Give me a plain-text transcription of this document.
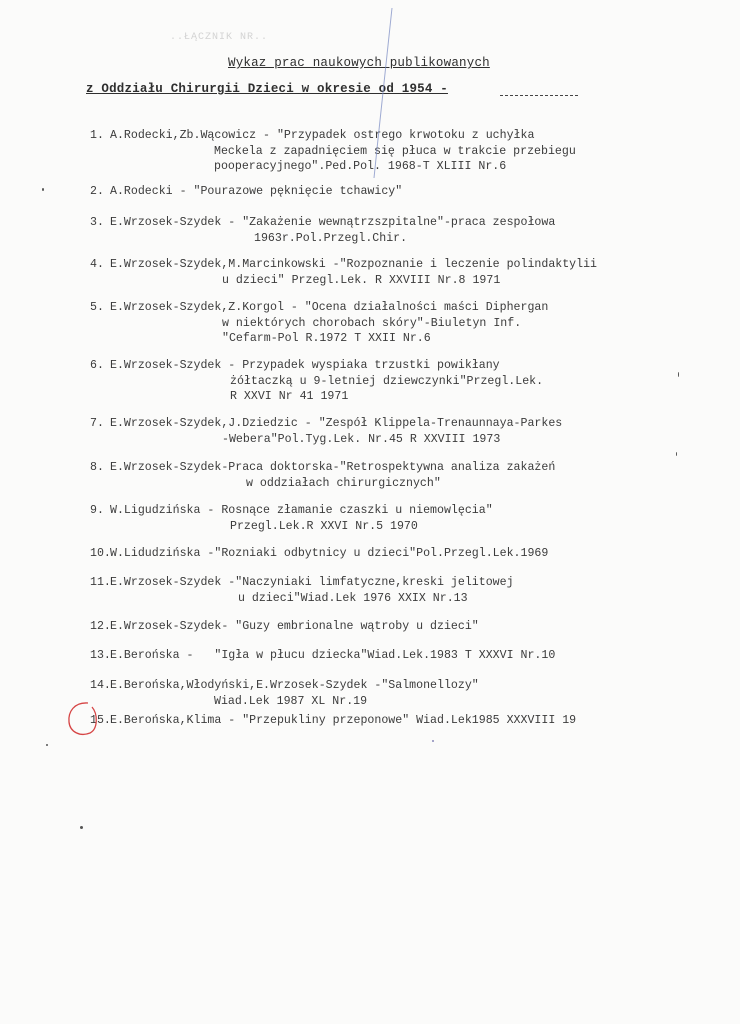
..ŁĄCZNIK NR..
Wykaz prac naukowych publikowanych
z Oddziału Chirurgii Dzieci w okresie od 1954 -
1. A.Rodecki,Zb.Wącowicz - "Przypadek ostrego krwotoku z uchyłka
Meckela z zapadnięciem się płuca w trakcie przebiegu
pooperacyjnego".Ped.Pol. 1968-T XLIII Nr.6
2. A.Rodecki - "Pourazowe pęknięcie tchawicy"
3. E.Wrzosek-Szydek - "Zakażenie wewnątrzszpitalne"-praca zespołowa
1963r.Pol.Przegl.Chir.
4. E.Wrzosek-Szydek,M.Marcinkowski -"Rozpoznanie i leczenie polindaktylii
u dzieci" Przegl.Lek. R XXVIII Nr.8 1971
5. E.Wrzosek-Szydek,Z.Korgol - "Ocena działalności maści Diphergan
w niektórych chorobach skóry"-Biuletyn Inf.
"Cefarm-Pol R.1972 T XXII Nr.6
6. E.Wrzosek-Szydek - Przypadek wyspiaka trzustki powikłany
żółtaczką u 9-letniej dziewczynki"Przegl.Lek.
R XXVI Nr 41 1971
7. E.Wrzosek-Szydek,J.Dziedzic - "Zespół Klippela-Trenaunnaya-Parkes
-Webera"Pol.Tyg.Lek. Nr.45 R XXVIII 1973
8. E.Wrzosek-Szydek-Praca doktorska-"Retrospektywna analiza zakażeń
w oddziałach chirurgicznych"
9. W.Ligudzińska - Rosnące złamanie czaszki u niemowlęcia"
Przegl.Lek.R XXVI Nr.5 1970
10. W.Lidudzińska -"Rozniaki odbytnicy u dzieci"Pol.Przegl.Lek.1969
11. E.Wrzosek-Szydek -"Naczyniaki limfatyczne,kreski jelitowej
u dzieci"Wiad.Lek 1976 XXIX Nr.13
12. E.Wrzosek-Szydek- "Guzy embrionalne wątroby u dzieci"
13. E.Berońska -   "Igła w płucu dziecka"Wiad.Lek.1983 T XXXVI Nr.10
14. E.Berońska,Włodyński,E.Wrzosek-Szydek -"Salmonellozy"
Wiad.Lek 1987 XL Nr.19
15. E.Berońska,Klima - "Przepukliny przeponowe" Wiad.Lek1985 XXXVIII 19
